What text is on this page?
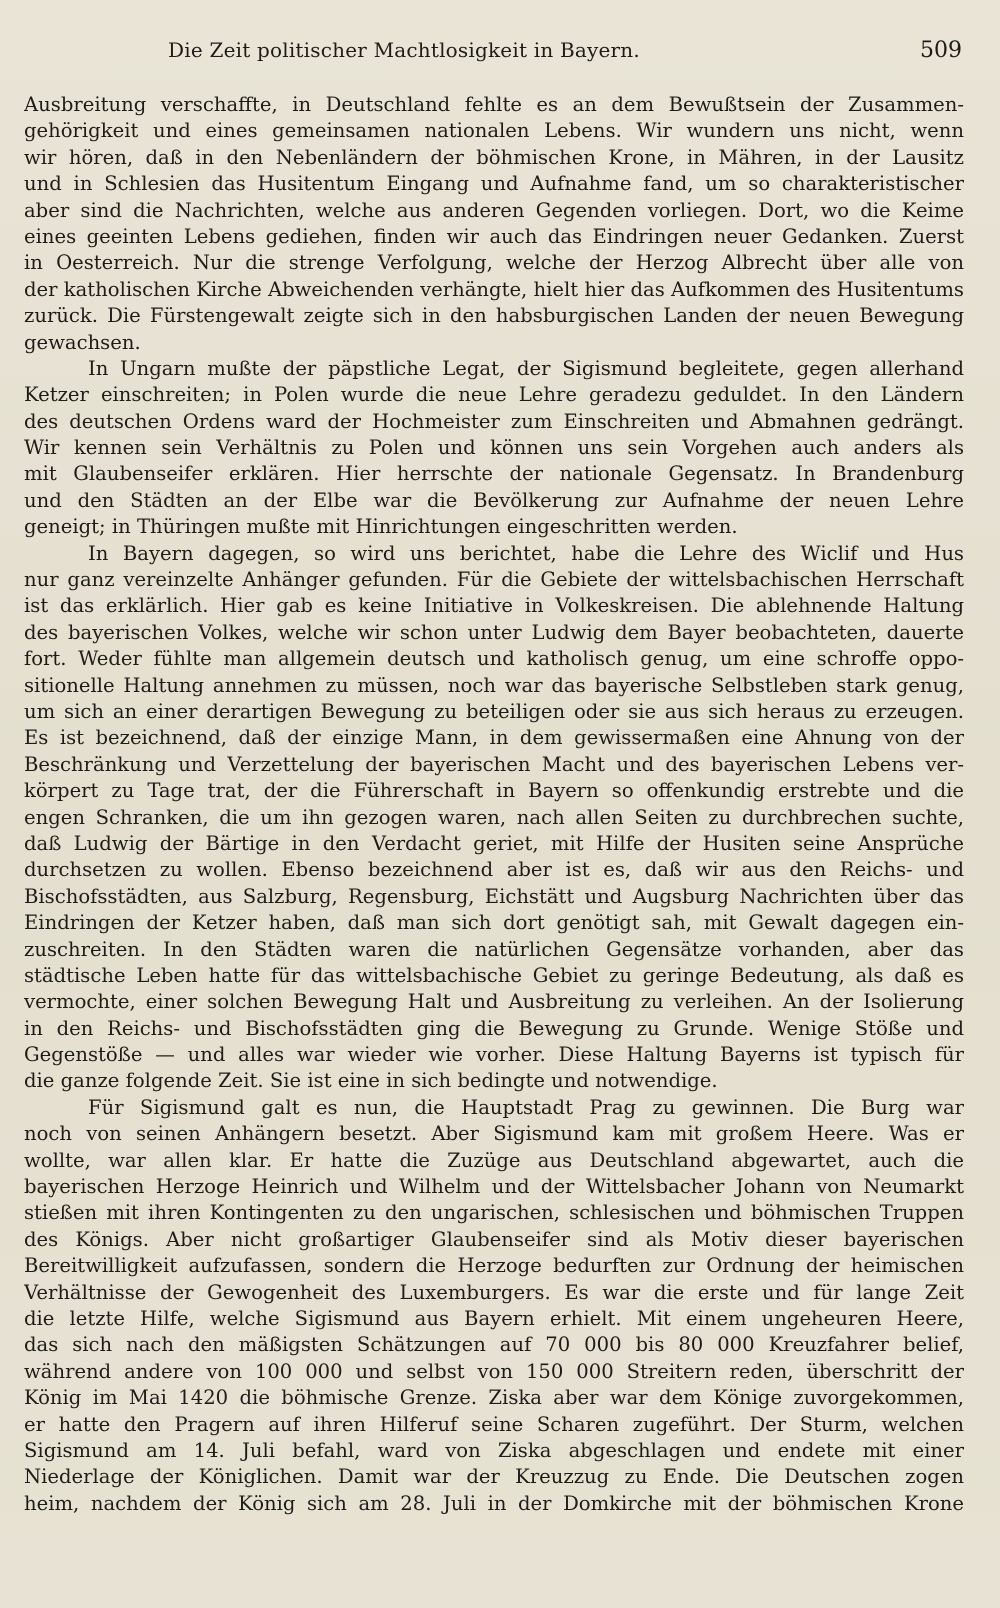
Die Zeit politischer Machtlosigkeit in Bayern.	509
Ausbreitung verschaffte, in Deutschland fehlte es an dem Bewußtsein der Zusammen-
gehörigkeit und eines gemeinsamen nationalen Lebens. Wir wundern uns nicht, wenn
wir hören, daß in den Nebenländern der böhmischen Krone, in Mähren, in der Lausitz
und in Schlesien das Husitentum Eingang und Aufnahme fand, um so charakteristischer
aber sind die Nachrichten, welche aus anderen Gegenden vorliegen. Dort, wo die Keime
eines geeinten Lebens gediehen, finden wir auch das Eindringen neuer Gedanken. Zuerst
in Oesterreich. Nur die strenge Verfolgung, welche der Herzog Albrecht über alle von
der katholischen Kirche Abweichenden verhängte, hielt hier das Aufkommen des Husitentums
zurück. Die Fürstengewalt zeigte sich in den habsburgischen Landen der neuen Bewegung
gewachsen.
In Ungarn mußte der päpstliche Legat, der Sigismund begleitete, gegen allerhand
Ketzer einschreiten; in Polen wurde die neue Lehre geradezu geduldet. In den Ländern
des deutschen Ordens ward der Hochmeister zum Einschreiten und Abmahnen gedrängt.
Wir kennen sein Verhältnis zu Polen und können uns sein Vorgehen auch anders als
mit Glaubenseifer erklären. Hier herrschte der nationale Gegensatz. In Brandenburg
und den Städten an der Elbe war die Bevölkerung zur Aufnahme der neuen Lehre
geneigt; in Thüringen mußte mit Hinrichtungen eingeschritten werden.
In Bayern dagegen, so wird uns berichtet, habe die Lehre des Wiclif und Hus
nur ganz vereinzelte Anhänger gefunden. Für die Gebiete der wittelsbachischen Herrschaft
ist das erklärlich. Hier gab es keine Initiative in Volkeskreisen. Die ablehnende Haltung
des bayerischen Volkes, welche wir schon unter Ludwig dem Bayer beobachteten, dauerte
fort. Weder fühlte man allgemein deutsch und katholisch genug, um eine schroffe oppo-
sitionelle Haltung annehmen zu müssen, noch war das bayerische Selbstleben stark genug,
um sich an einer derartigen Bewegung zu beteiligen oder sie aus sich heraus zu erzeugen.
Es ist bezeichnend, daß der einzige Mann, in dem gewissermaßen eine Ahnung von der
Beschränkung und Verzettelung der bayerischen Macht und des bayerischen Lebens ver-
körpert zu Tage trat, der die Führerschaft in Bayern so offenkundig erstrebte und die
engen Schranken, die um ihn gezogen waren, nach allen Seiten zu durchbrechen suchte,
daß Ludwig der Bärtige in den Verdacht geriet, mit Hilfe der Husiten seine Ansprüche
durchsetzen zu wollen. Ebenso bezeichnend aber ist es, daß wir aus den Reichs- und
Bischofsstädten, aus Salzburg, Regensburg, Eichstätt und Augsburg Nachrichten über das
Eindringen der Ketzer haben, daß man sich dort genötigt sah, mit Gewalt dagegen ein-
zuschreiten. In den Städten waren die natürlichen Gegensätze vorhanden, aber das
städtische Leben hatte für das wittelsbachische Gebiet zu geringe Bedeutung, als daß es
vermochte, einer solchen Bewegung Halt und Ausbreitung zu verleihen. An der Isolierung
in den Reichs- und Bischofsstädten ging die Bewegung zu Grunde. Wenige Stöße und
Gegenstöße — und alles war wieder wie vorher. Diese Haltung Bayerns ist typisch für
die ganze folgende Zeit. Sie ist eine in sich bedingte und notwendige.
Für Sigismund galt es nun, die Hauptstadt Prag zu gewinnen. Die Burg war
noch von seinen Anhängern besetzt. Aber Sigismund kam mit großem Heere. Was er
wollte, war allen klar. Er hatte die Zuzüge aus Deutschland abgewartet, auch die
bayerischen Herzoge Heinrich und Wilhelm und der Wittelsbacher Johann von Neumarkt
stießen mit ihren Kontingenten zu den ungarischen, schlesischen und böhmischen Truppen
des Königs. Aber nicht großartiger Glaubenseifer sind als Motiv dieser bayerischen
Bereitwilligkeit aufzufassen, sondern die Herzoge bedurften zur Ordnung der heimischen
Verhältnisse der Gewogenheit des Luxemburgers. Es war die erste und für lange Zeit
die letzte Hilfe, welche Sigismund aus Bayern erhielt. Mit einem ungeheuren Heere,
das sich nach den mäßigsten Schätzungen auf 70 000 bis 80 000 Kreuzfahrer belief,
während andere von 100 000 und selbst von 150 000 Streitern reden, überschritt der
König im Mai 1420 die böhmische Grenze. Ziska aber war dem Könige zuvorgekommen,
er hatte den Pragern auf ihren Hilferuf seine Scharen zugeführt. Der Sturm, welchen
Sigismund am 14. Juli befahl, ward von Ziska abgeschlagen und endete mit einer
Niederlage der Königlichen. Damit war der Kreuzzug zu Ende. Die Deutschen zogen
heim, nachdem der König sich am 28. Juli in der Domkirche mit der böhmischen Krone
